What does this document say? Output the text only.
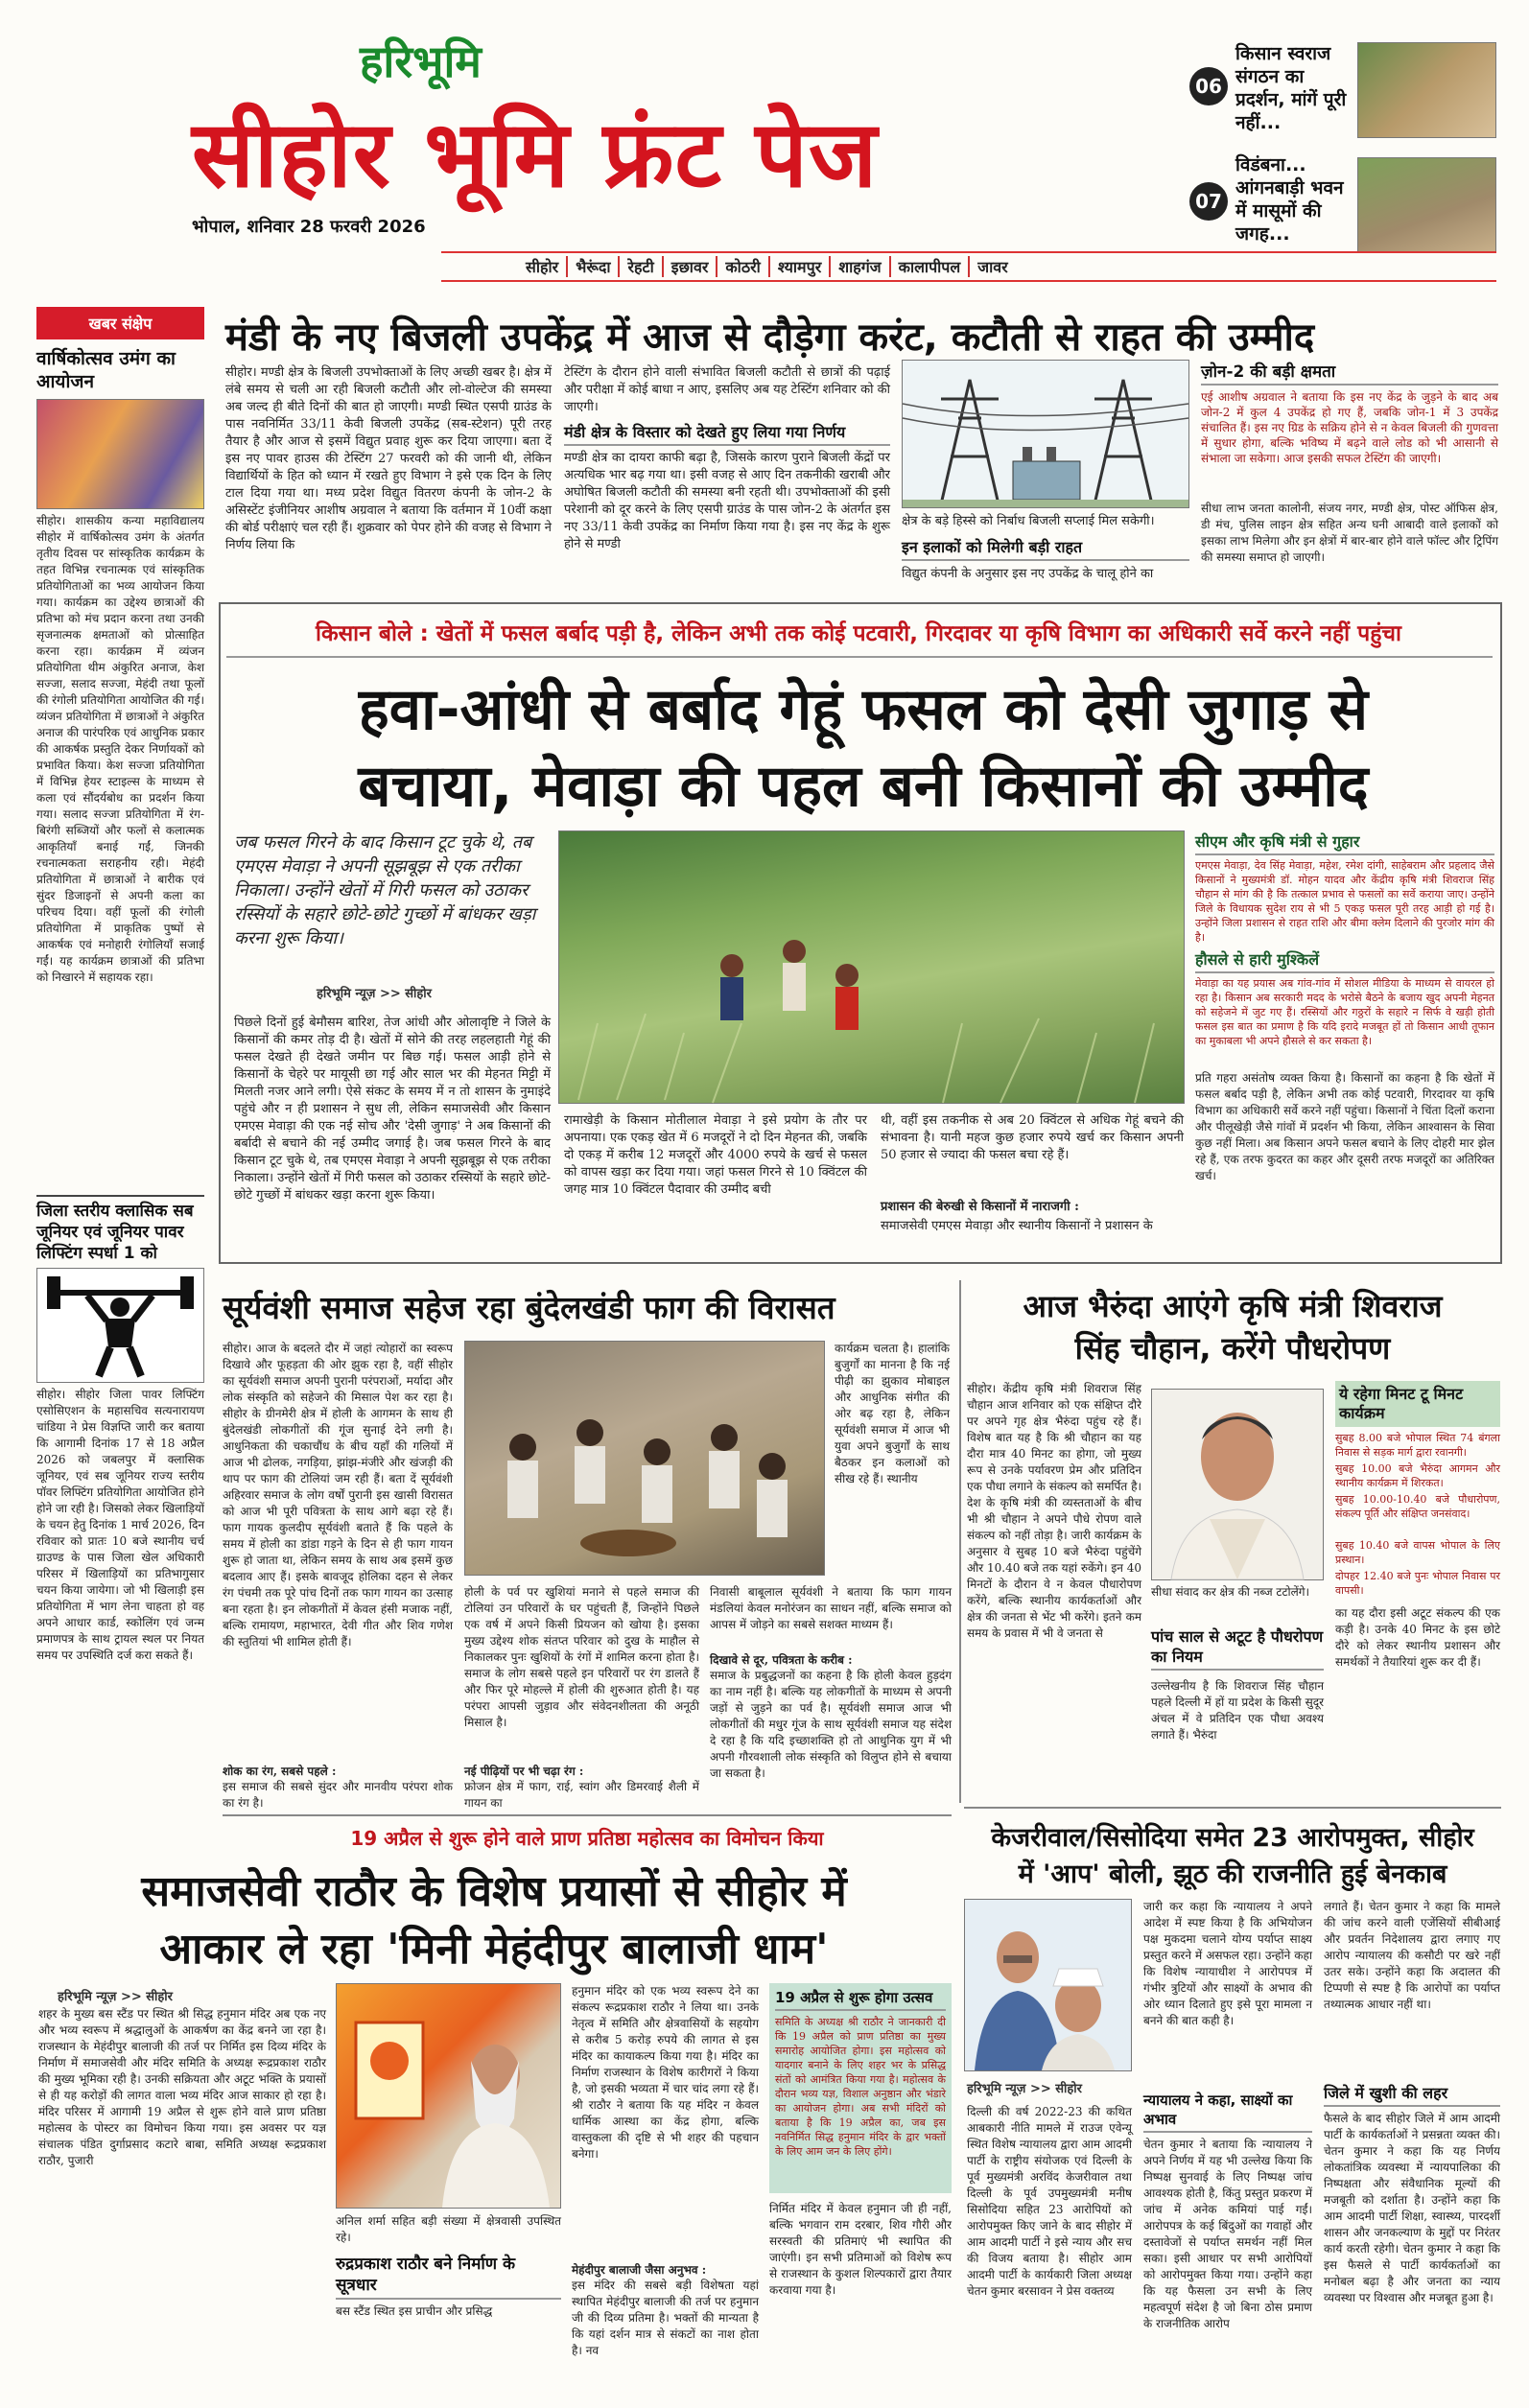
हरिभूमि
सीहोर भूमि फ्रंट पेज
भोपाल, शनिवार 28 फरवरी 2026
06
किसान स्वराज संगठन का प्रदर्शन, मांगें पूरी नहीं...
07
विडंबना... आंगनबाड़ी भवन में मासूमों की जगह...
सीहोर	भैरूंदा	रेहटी	इछावर	कोठरी	श्यामपुर	शाहगंज	कालापीपल	जावर
खबर संक्षेप
वार्षिकोत्सव उमंग का आयोजन
सीहोर। शासकीय कन्या महाविद्यालय सीहोर में वार्षिकोत्सव उमंग के अंतर्गत तृतीय दिवस पर सांस्कृतिक कार्यक्रम के तहत विभिन्न रचनात्मक एवं सांस्कृतिक प्रतियोगिताओं का भव्य आयोजन किया गया। कार्यक्रम का उद्देश्य छात्राओं की प्रतिभा को मंच प्रदान करना तथा उनकी सृजनात्मक क्षमताओं को प्रोत्साहित करना रहा। कार्यक्रम में व्यंजन प्रतियोगिता थीम अंकुरित अनाज, केश सज्जा, सलाद सज्जा, मेहंदी तथा फूलों की रंगोली प्रतियोगिता आयोजित की गई। व्यंजन प्रतियोगिता में छात्राओं ने अंकुरित अनाज की पारंपरिक एवं आधुनिक प्रकार की आकर्षक प्रस्तुति देकर निर्णायकों को प्रभावित किया। केश सज्जा प्रतियोगिता में विभिन्न हेयर स्टाइल्स के माध्यम से कला एवं सौंदर्यबोध का प्रदर्शन किया गया। सलाद सज्जा प्रतियोगिता में रंग-बिरंगी सब्जियों और फलों से कलात्मक आकृतियाँ बनाई गईं, जिनकी रचनात्मकता सराहनीय रही। मेहंदी प्रतियोगिता में छात्राओं ने बारीक एवं सुंदर डिजाइनों से अपनी कला का परिचय दिया। वहीं फूलों की रंगोली प्रतियोगिता में प्राकृतिक पुष्पों से आकर्षक एवं मनोहारी रंगोलियाँ सजाई गईं। यह कार्यक्रम छात्राओं की प्रतिभा को निखारने में सहायक रहा।
जिला स्तरीय क्लासिक सब जूनियर एवं जूनियर पावर लिफ्टिंग स्पर्धा 1 को
सीहोर। सीहोर जिला पावर लिफ्टिंग एसोसिएशन के महासचिव सत्यनारायण चांडिया ने प्रेस विज्ञप्ति जारी कर बताया कि आगामी दिनांक 17 से 18 अप्रैल 2026 को जबलपुर में क्लासिक जूनियर, एवं सब जूनियर राज्य स्तरीय पॉवर लिफ्टिंग प्रतियोगिता आयोजित होने होने जा रही है। जिसको लेकर खिलाड़ियों के चयन हेतु दिनांक 1 मार्च 2026, दिन रविवार को प्रातः 10 बजे स्थानीय चर्च ग्राउण्ड के पास जिला खेल अधिकारी परिसर में खिलाड़ियों का प्रतिभागुसार चयन किया जायेगा। जो भी खिलाड़ी इस प्रतियोगिता में भाग लेना चाहता हो वह अपने आधार कार्ड, स्कोलिंग एवं जन्म प्रमाणपत्र के साथ ट्रायल स्थल पर नियत समय पर उपस्थिति दर्ज करा सकते हैं।
मंडी के नए बिजली उपकेंद्र में आज से दौड़ेगा करंट, कटौती से राहत की उम्मीद
सीहोर। मण्डी क्षेत्र के बिजली उपभोक्ताओं के लिए अच्छी खबर है। क्षेत्र में लंबे समय से चली आ रही बिजली कटौती और लो-वोल्टेज की समस्या अब जल्द ही बीते दिनों की बात हो जाएगी। मण्डी स्थित एसपी ग्राउंड के पास नवनिर्मित 33/11 केवी बिजली उपकेंद्र (सब-स्टेशन) पूरी तरह तैयार है और आज से इसमें विद्युत प्रवाह शुरू कर दिया जाएगा। बता दें इस नए पावर हाउस की टेस्टिंग 27 फरवरी को की जानी थी, लेकिन विद्यार्थियों के हित को ध्यान में रखते हुए विभाग ने इसे एक दिन के लिए टाल दिया गया था। मध्य प्रदेश विद्युत वितरण कंपनी के जोन-2 के असिस्टेंट इंजीनियर आशीष अग्रवाल ने बताया कि वर्तमान में 10वीं कक्षा की बोर्ड परीक्षाएं चल रही हैं। शुक्रवार को पेपर होने की वजह से विभाग ने निर्णय लिया कि
टेस्टिंग के दौरान होने वाली संभावित बिजली कटौती से छात्रों की पढ़ाई और परीक्षा में कोई बाधा न आए, इसलिए अब यह टेस्टिंग शनिवार को की जाएगी।
मंडी क्षेत्र के विस्तार को देखते हुए लिया गया निर्णय
मण्डी क्षेत्र का दायरा काफी बढ़ा है, जिसके कारण पुराने बिजली केंद्रों पर अत्यधिक भार बढ़ गया था। इसी वजह से आए दिन तकनीकी खराबी और अघोषित बिजली कटौती की समस्या बनी रहती थी। उपभोक्ताओं की इसी परेशानी को दूर करने के लिए एसपी ग्राउंड के पास जोन-2 के अंतर्गत इस नए 33/11 केवी उपकेंद्र का निर्माण किया गया है। इस नए केंद्र के शुरू होने से मण्डी
क्षेत्र के बड़े हिस्से को निर्बाध बिजली सप्लाई मिल सकेगी।
इन इलाकों को मिलेगी बड़ी राहत
विद्युत कंपनी के अनुसार इस नए उपकेंद्र के चालू होने का
ज़ोन-2 की बड़ी क्षमता
एई आशीष अग्रवाल ने बताया कि इस नए केंद्र के जुड़ने के बाद अब जोन-2 में कुल 4 उपकेंद्र हो गए हैं, जबकि जोन-1 में 3 उपकेंद्र संचालित हैं। इस नए ग्रिड के सक्रिय होने से न केवल बिजली की गुणवत्ता में सुधार होगा, बल्कि भविष्य में बढ़ने वाले लोड को भी आसानी से संभाला जा सकेगा। आज इसकी सफल टेस्टिंग की जाएगी।
सीधा लाभ जनता कालोनी, संजय नगर, मण्डी क्षेत्र, पोस्ट ऑफिस क्षेत्र, डी मंच, पुलिस लाइन क्षेत्र सहित अन्य घनी आबादी वाले इलाकों को इसका लाभ मिलेगा और इन क्षेत्रों में बार-बार होने वाले फॉल्ट और ट्रिपिंग की समस्या समाप्त हो जाएगी।
किसान बोले : खेतों में फसल बर्बाद पड़ी है, लेकिन अभी तक कोई पटवारी, गिरदावर या कृषि विभाग का अधिकारी सर्वे करने नहीं पहुंचा
हवा-आंधी से बर्बाद गेहूं फसल को देसी जुगाड़ से
बचाया, मेवाड़ा की पहल बनी किसानों की उम्मीद
जब फसल गिरने के बाद किसान टूट चुके थे, तब एमएस मेवाड़ा ने अपनी सूझबूझ से एक तरीका निकाला। उन्होंने खेतों में गिरी फसल को उठाकर रस्सियों के सहारे छोटे-छोटे गुच्छों में बांधकर खड़ा करना शुरू किया।
हरिभूमि न्यूज़ >> सीहोर
पिछले दिनों हुई बेमौसम बारिश, तेज आंधी और ओलावृष्टि ने जिले के किसानों की कमर तोड़ दी है। खेतों में सोने की तरह लहलहाती गेहूं की फसल देखते ही देखते जमीन पर बिछ गई। फसल आड़ी होने से किसानों के चेहरे पर मायूसी छा गई और साल भर की मेहनत मिट्टी में मिलती नजर आने लगी। ऐसे संकट के समय में न तो शासन के नुमाइंदे पहुंचे और न ही प्रशासन ने सुध ली, लेकिन समाजसेवी और किसान एमएस मेवाड़ा की एक नई सोच और 'देसी जुगाड़' ने अब किसानों की बर्बादी से बचाने की नई उम्मीद जगाई है। जब फसल गिरने के बाद किसान टूट चुके थे, तब एमएस मेवाड़ा ने अपनी सूझबूझ से एक तरीका निकाला। उन्होंने खेतों में गिरी फसल को उठाकर रस्सियों के सहारे छोटे-छोटे गुच्छों में बांधकर खड़ा करना शुरू किया।
रामाखेड़ी के किसान मोतीलाल मेवाड़ा ने इसे प्रयोग के तौर पर अपनाया। एक एकड़ खेत में 6 मजदूरों ने दो दिन मेहनत की, जबकि दो एकड़ में करीब 12 मजदूरों और 4000 रुपये के खर्च से फसल को वापस खड़ा कर दिया गया। जहां फसल गिरने से 10 क्विंटल की जगह मात्र 10 क्विंटल पैदावार की उम्मीद बची
थी, वहीं इस तकनीक से अब 20 क्विंटल से अधिक गेहूं बचने की संभावना है। यानी महज कुछ हजार रुपये खर्च कर किसान अपनी 50 हजार से ज्यादा की फसल बचा रहे हैं।
प्रशासन की बेरुखी से किसानों में नाराजगी :
समाजसेवी एमएस मेवाड़ा और स्थानीय किसानों ने प्रशासन के
सीएम और कृषि मंत्री से गुहार
एमएस मेवाड़ा, देव सिंह मेवाड़ा, महेश, रमेश दांगी, साहेबराम और प्रहलाद जैसे किसानों ने मुख्यमंत्री डॉ. मोहन यादव और केंद्रीय कृषि मंत्री शिवराज सिंह चौहान से मांग की है कि तत्काल प्रभाव से फसलों का सर्वे कराया जाए। उन्होंने जिले के विधायक सुदेश राय से भी 5 एकड़ फसल पूरी तरह आड़ी हो गई है। उन्होंने जिला प्रशासन से राहत राशि और बीमा क्लेम दिलाने की पुरजोर मांग की है।
हौसले से हारी मुश्किलें
मेवाड़ा का यह प्रयास अब गांव-गांव में सोशल मीडिया के माध्यम से वायरल हो रहा है। किसान अब सरकारी मदद के भरोसे बैठने के बजाय खुद अपनी मेहनत को सहेजने में जुट गए हैं। रस्सियों और गठ्ठरों के सहारे न सिर्फ वे खड़ी होती फसल इस बात का प्रमाण है कि यदि इरादे मजबूत हों तो किसान आधी तूफान का मुकाबला भी अपने हौसले से कर सकता है।
प्रति गहरा असंतोष व्यक्त किया है। किसानों का कहना है कि खेतों में फसल बर्बाद पड़ी है, लेकिन अभी तक कोई पटवारी, गिरदावर या कृषि विभाग का अधिकारी सर्वे करने नहीं पहुंचा। किसानों ने चिंता दिलों कराना और पीलूखेड़ी जैसे गांवों में प्रदर्शन भी किया, लेकिन आश्वासन के सिवा कुछ नहीं मिला। अब किसान अपने फसल बचाने के लिए दोहरी मार झेल रहे हैं, एक तरफ कुदरत का कहर और दूसरी तरफ मजदूरों का अतिरिक्त खर्च।
सूर्यवंशी समाज सहेज रहा बुंदेलखंडी फाग की विरासत
सीहोर। आज के बदलते दौर में जहां त्योहारों का स्वरूप दिखावे और फूहड़ता की ओर झुक रहा है, वहीं सीहोर का सूर्यवंशी समाज अपनी पुरानी परंपराओं, मर्यादा और लोक संस्कृति को सहेजने की मिसाल पेश कर रहा है। सीहोर के ग्रीनमेरी क्षेत्र में होली के आगमन के साथ ही बुंदेलखंडी लोकगीतों की गूंज सुनाई देने लगी है। आधुनिकता की चकाचौंध के बीच यहाँ की गलियों में आज भी ढोलक, नगड़िया, झांझ-मंजीरे और खंजड़ी की थाप पर फाग की टोलियां जम रही हैं। बता दें सूर्यवंशी अहिरवार समाज के लोग वर्षों पुरानी इस खासी विरासत को आज भी पूरी पवित्रता के साथ आगे बढ़ा रहे हैं। फाग गायक कुलदीप सूर्यवंशी बताते हैं कि पहले के समय में होली का डांडा गड़ने के दिन से ही फाग गायन शुरू हो जाता था, लेकिन समय के साथ अब इसमें कुछ बदलाव आए हैं। इसके बावजूद होलिका दहन से लेकर रंग पंचमी तक पूरे पांच दिनों तक फाग गायन का उत्साह बना रहता है। इन लोकगीतों में केवल हंसी मजाक नहीं, बल्कि रामायण, महाभारत, देवी गीत और शिव गणेश की स्तुतियां भी शामिल होती हैं।
शोक का रंग, सबसे पहले :
इस समाज की सबसे सुंदर और मानवीय परंपरा शोक का रंग है।
कार्यक्रम चलता है। हालांकि बुजुर्गों का मानना है कि नई पीढ़ी का झुकाव मोबाइल और आधुनिक संगीत की ओर बढ़ रहा है, लेकिन सूर्यवंशी समाज में आज भी युवा अपने बुजुर्गों के साथ बैठकर इन कलाओं को सीख रहे हैं। स्थानीय
होली के पर्व पर खुशियां मनाने से पहले समाज की टोलियां उन परिवारों के घर पहुंचती हैं, जिन्होंने पिछले एक वर्ष में अपने किसी प्रियजन को खोया है। इसका मुख्य उद्देश्य शोक संतप्त परिवार को दुख के माहौल से निकालकर पुनः खुशियों के रंगों में शामिल करना होता है। समाज के लोग सबसे पहले इन परिवारों पर रंग डालते हैं और फिर पूरे मोहल्ले में होली की शुरुआत होती है। यह परंपरा आपसी जुड़ाव और संवेदनशीलता की अनूठी मिसाल है।
नई पीढ़ियों पर भी चढ़ा रंग :
फ्रोजन क्षेत्र में फाग, राई, स्वांग और डिमरवाई शैली में गायन का
निवासी बाबूलाल सूर्यवंशी ने बताया कि फाग गायन मंडलियां केवल मनोरंजन का साधन नहीं, बल्कि समाज को आपस में जोड़ने का सबसे सशक्त माध्यम हैं।
दिखावे से दूर, पवित्रता के करीब :
समाज के प्रबुद्धजनों का कहना है कि होली केवल हुड़दंग का नाम नहीं है। बल्कि यह लोकगीतों के माध्यम से अपनी जड़ों से जुड़ने का पर्व है। सूर्यवंशी समाज आज भी लोकगीतों की मधुर गूंज के साथ सूर्यवंशी समाज यह संदेश दे रहा है कि यदि इच्छाशक्ति हो तो आधुनिक युग में भी अपनी गौरवशाली लोक संस्कृति को विलुप्त होने से बचाया जा सकता है।
आज भैरुंदा आएंगे कृषि मंत्री शिवराज
सिंह चौहान, करेंगे पौधरोपण
सीहोर। केंद्रीय कृषि मंत्री शिवराज सिंह चौहान आज शनिवार को एक संक्षिप्त दौरे पर अपने गृह क्षेत्र भैरुंदा पहुंच रहे हैं। विशेष बात यह है कि श्री चौहान का यह दौरा मात्र 40 मिनट का होगा, जो मुख्य रूप से उनके पर्यावरण प्रेम और प्रतिदिन एक पौधा लगाने के संकल्प को समर्पित है। देश के कृषि मंत्री की व्यस्तताओं के बीच भी श्री चौहान ने अपने पौधे रोपण वाले संकल्प को नहीं तोड़ा है। जारी कार्यक्रम के अनुसार वे सुबह 10 बजे भैरुंदा पहुंचेंगे और 10.40 बजे तक यहां रुकेंगे। इन 40 मिनटों के दौरान वे न केवल पौधारोपण करेंगे, बल्कि स्थानीय कार्यकर्ताओं और क्षेत्र की जनता से भेंट भी करेंगे। इतने कम समय के प्रवास में भी वे जनता से
सीधा संवाद कर क्षेत्र की नब्ज टटोलेंगे।
पांच साल से अटूट है पौधरोपण का नियम
उल्लेखनीय है कि शिवराज सिंह चौहान पहले दिल्ली में हों या प्रदेश के किसी सुदूर अंचल में वे प्रतिदिन एक पौधा अवश्य लगाते हैं। भैरुंदा
ये रहेगा मिनट टू मिनट कार्यक्रम
सुबह 8.00 बजे भोपाल स्थित 74 बंगला निवास से सड़क मार्ग द्वारा रवानगी।
सुबह 10.00 बजे भैरुंदा आगमन और स्थानीय कार्यक्रम में शिरकत।
सुबह 10.00-10.40 बजे पौधारोपण, संकल्प पूर्ति और संक्षिप्त जनसंवाद।
सुबह 10.40 बजे वापस भोपाल के लिए प्रस्थान।
दोपहर 12.40 बजे पुनः भोपाल निवास पर वापसी।
का यह दौरा इसी अटूट संकल्प की एक कड़ी है। उनके 40 मिनट के इस छोटे दौरे को लेकर स्थानीय प्रशासन और समर्थकों ने तैयारियां शुरू कर दी हैं।
केजरीवाल/सिसोदिया समेत 23 आरोपमुक्त, सीहोर
में 'आप' बोली, झूठ की राजनीति हुई बेनकाब
हरिभूमि न्यूज़ >> सीहोर
जारी कर कहा कि न्यायालय ने अपने आदेश में स्पष्ट किया है कि अभियोजन पक्ष मुकदमा चलाने योग्य पर्याप्त साक्ष्य प्रस्तुत करने में असफल रहा। उन्होंने कहा कि विशेष न्यायाधीश ने आरोपपत्र में गंभीर त्रुटियों और साक्ष्यों के अभाव की ओर ध्यान दिलाते हुए इसे पूरा मामला न बनने की बात कही है।
दिल्ली की वर्ष 2022-23 की कथित आबकारी नीति मामले में राउज एवेन्यू स्थित विशेष न्यायालय द्वारा आम आदमी पार्टी के राष्ट्रीय संयोजक एवं दिल्ली के पूर्व मुख्यमंत्री अरविंद केजरीवाल तथा दिल्ली के पूर्व उपमुख्यमंत्री मनीष सिसोदिया सहित 23 आरोपियों को आरोपमुक्त किए जाने के बाद सीहोर में आम आदमी पार्टी ने इसे न्याय और सच की विजय बताया है। सीहोर आम आदमी पार्टी के कार्यकारी जिला अध्यक्ष चेतन कुमार बरसावन ने प्रेस वक्तव्य
न्यायालय ने कहा, साक्ष्यों का अभाव
चेतन कुमार ने बताया कि न्यायालय ने अपने निर्णय में यह भी उल्लेख किया कि निष्पक्ष सुनवाई के लिए निष्पक्ष जांच आवश्यक होती है, किंतु प्रस्तुत प्रकरण में जांच में अनेक कमियां पाई गईं। आरोपपत्र के कई बिंदुओं का गवाहों और दस्तावेजों से पर्याप्त समर्थन नहीं मिल सका। इसी आधार पर सभी आरोपियों को आरोपमुक्त किया गया। उन्होंने कहा कि यह फैसला उन सभी के लिए महत्वपूर्ण संदेश है जो बिना ठोस प्रमाण के राजनीतिक आरोप
लगाते हैं। चेतन कुमार ने कहा कि मामले की जांच करने वाली एजेंसियों सीबीआई और प्रवर्तन निदेशालय द्वारा लगाए गए आरोप न्यायालय की कसौटी पर खरे नहीं उतर सके। उन्होंने कहा कि अदालत की टिप्पणी से स्पष्ट है कि आरोपों का पर्याप्त तथ्यात्मक आधार नहीं था।
जिले में खुशी की लहर
फैसले के बाद सीहोर जिले में आम आदमी पार्टी के कार्यकर्ताओं ने प्रसन्नता व्यक्त की। चेतन कुमार ने कहा कि यह निर्णय लोकतांत्रिक व्यवस्था में न्यायपालिका की निष्पक्षता और संवैधानिक मूल्यों की मजबूती को दर्शाता है। उन्होंने कहा कि आम आदमी पार्टी शिक्षा, स्वास्थ्य, पारदर्शी शासन और जनकल्याण के मुद्दों पर निरंतर कार्य करती रहेगी। चेतन कुमार ने कहा कि इस फैसले से पार्टी कार्यकर्ताओं का मनोबल बढ़ा है और जनता का न्याय व्यवस्था पर विश्वास और मजबूत हुआ है।
19 अप्रैल से शुरू होने वाले प्राण प्रतिष्ठा महोत्सव का विमोचन किया
समाजसेवी राठौर के विशेष प्रयासों से सीहोर में
आकार ले रहा 'मिनी मेहंदीपुर बालाजी धाम'
हरिभूमि न्यूज़ >> सीहोर
शहर के मुख्य बस स्टैंड पर स्थित श्री सिद्ध हनुमान मंदिर अब एक नए और भव्य स्वरूप में श्रद्धालुओं के आकर्षण का केंद्र बनने जा रहा है। राजस्थान के मेहंदीपुर बालाजी की तर्ज पर निर्मित इस दिव्य मंदिर के निर्माण में समाजसेवी और मंदिर समिति के अध्यक्ष रूद्रप्रकाश राठौर की मुख्य भूमिका रही है। उनकी सक्रियता और अटूट भक्ति के प्रयासों से ही यह करोड़ों की लागत वाला भव्य मंदिर आज साकार हो रहा है। मंदिर परिसर में आगामी 19 अप्रैल से शुरू होने वाले प्राण प्रतिष्ठा महोत्सव के पोस्टर का विमोचन किया गया। इस अवसर पर यज्ञ संचालक पंडित दुर्गाप्रसाद कटारे बाबा, समिति अध्यक्ष रूद्रप्रकाश राठौर, पुजारी
अनिल शर्मा सहित बड़ी संख्या में क्षेत्रवासी उपस्थित रहे।
रुद्रप्रकाश राठौर बने निर्माण के सूत्रधार
बस स्टैंड स्थित इस प्राचीन और प्रसिद्ध
हनुमान मंदिर को एक भव्य स्वरूप देने का संकल्प रूद्रप्रकाश राठौर ने लिया था। उनके नेतृत्व में समिति और क्षेत्रवासियों के सहयोग से करीब 5 करोड़ रुपये की लागत से इस मंदिर का कायाकल्प किया गया है। मंदिर का निर्माण राजस्थान के विशेष कारीगरों ने किया है, जो इसकी भव्यता में चार चांद लगा रहे हैं। श्री राठौर ने बताया कि यह मंदिर न केवल धार्मिक आस्था का केंद्र होगा, बल्कि वास्तुकला की दृष्टि से भी शहर की पहचान बनेगा।
मेहंदीपुर बालाजी जैसा अनुभव :
इस मंदिर की सबसे बड़ी विशेषता यहां स्थापित मेहंदीपुर बालाजी की तर्ज पर हनुमान जी की दिव्य प्रतिमा है। भक्तों की मान्यता है कि यहां दर्शन मात्र से संकटों का नाश होता है। नव
19 अप्रैल से शुरू होगा उत्सव
समिति के अध्यक्ष श्री राठौर ने जानकारी दी कि 19 अप्रैल को प्राण प्रतिष्ठा का मुख्य समारोह आयोजित होगा। इस महोत्सव को यादगार बनाने के लिए शहर भर के प्रसिद्ध संतों को आमंत्रित किया गया है। महोत्सव के दौरान भव्य यज्ञ, विशाल अनुष्ठान और भंडारे का आयोजन होगा। अब सभी मंदिरों को बताया है कि 19 अप्रैल का, जब इस नवनिर्मित सिद्ध हनुमान मंदिर के द्वार भक्तों के लिए आम जन के लिए होंगे।
निर्मित मंदिर में केवल हनुमान जी ही नहीं, बल्कि भगवान राम दरबार, शिव गौरी और सरस्वती की प्रतिमाएं भी स्थापित की जाएंगी। इन सभी प्रतिमाओं को विशेष रूप से राजस्थान के कुशल शिल्पकारों द्वारा तैयार करवाया गया है।
